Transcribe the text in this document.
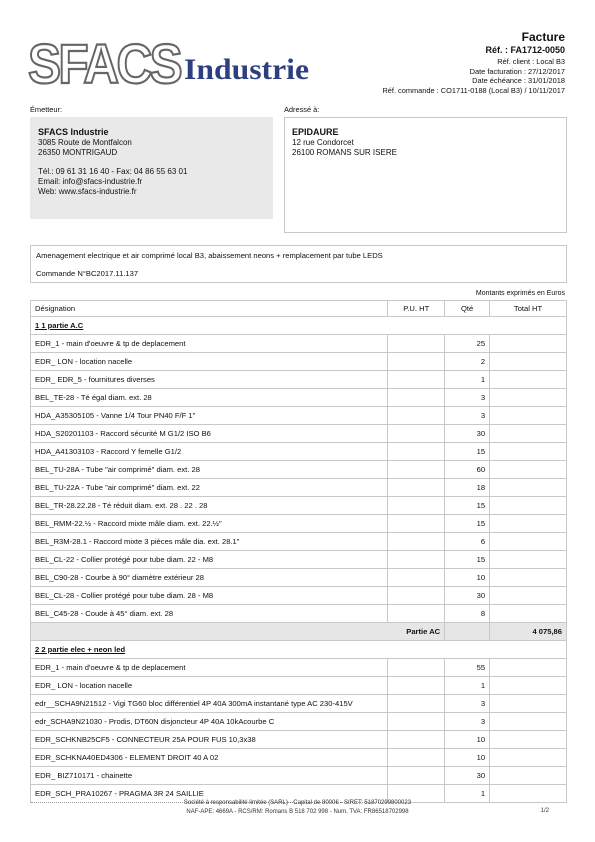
SFACS Industrie
Facture
Réf. : FA1712-0050
Réf. client : Local B3
Date facturation : 27/12/2017
Date échéance : 31/01/2018
Réf. commande : CO1711-0188 (Local B3) / 10/11/2017
Émetteur:
SFACS Industrie
3085 Route de Montfalcon
26350 MONTRIGAUD
Tél.: 09 61 31 16 40 - Fax: 04 86 55 63 01
Email: info@sfacs-industrie.fr
Web: www.sfacs-industrie.fr
Adressé à:
EPIDAURE
12 rue Condorcet
26100 ROMANS SUR ISERE
Amenagement electrique et air comprimé local B3, abaissement neons + remplacement par tube LEDS
Commande N°BC2017.11.137
Montants exprimés en Euros
Désignation	P.U. HT	Qté	Total HT
1 1 partie A.C			
EDR_1 - main d'oeuvre & tp de deplacement		25	
EDR_ LON - location nacelle		2	
EDR_ EDR_5 - fournitures diverses		1	
BEL_TE-28 - Té égal diam. ext. 28		3	
HDA_A35305105 - Vanne 1/4 Tour PN40 F/F 1"		3	
HDA_S20201103 - Raccord sécurité M G1/2 ISO B6		30	
HDA_A41303103 - Raccord Y femelle G1/2		15	
BEL_TU-28A - Tube "air comprimé" diam. ext. 28		60	
BEL_TU-22A - Tube "air comprimé" diam. ext. 22		18	
BEL_TR-28.22.28 - Té réduit diam. ext. 28 . 22 . 28		15	
BEL_RMM-22.½ - Raccord mixte mâle diam. ext. 22.½"		15	
BEL_R3M-28.1 - Raccord mixte 3 pièces mâle dia. ext. 28.1"		6	
BEL_CL-22 - Collier protégé pour tube diam. 22 - M8		15	
BEL_C90-28 - Courbe à 90° diamètre extérieur 28		10	
BEL_CL-28 - Collier protégé pour tube diam. 28 - M8		30	
BEL_C45-28 - Coude à 45° diam. ext. 28		8	
Partie AC			4 075,86
2 2 partie elec + neon led			
EDR_1 - main d'oeuvre & tp de deplacement		55	
EDR_ LON - location nacelle		1	
edr__SCHA9N21512 - Vigi TG60 bloc différentiel 4P 40A 300mA instantané type AC 230-415V		3	
edr_SCHA9N21030 - Prodis, DT60N disjoncteur 4P 40A 10kAcourbe C		3	
EDR_SCHKNB25CF5 - CONNECTEUR 25A POUR FUS 10,3x38		10	
EDR_SCHKNA40ED4306 - ELEMENT DROIT 40 A 02		10	
EDR_ BIZ710171 - chainette		30	
EDR_SCH_PRA10267 - PRAGMA 3R 24 SAILLIE		1	
Société à responsabilité limitée (SARL) - Capital de 8000€ - SIRET: 51870299800023
NAF-APE: 4669A - RCS/RM: Romans B 518 702 998 - Num. TVA: FR86518702998	1/2
